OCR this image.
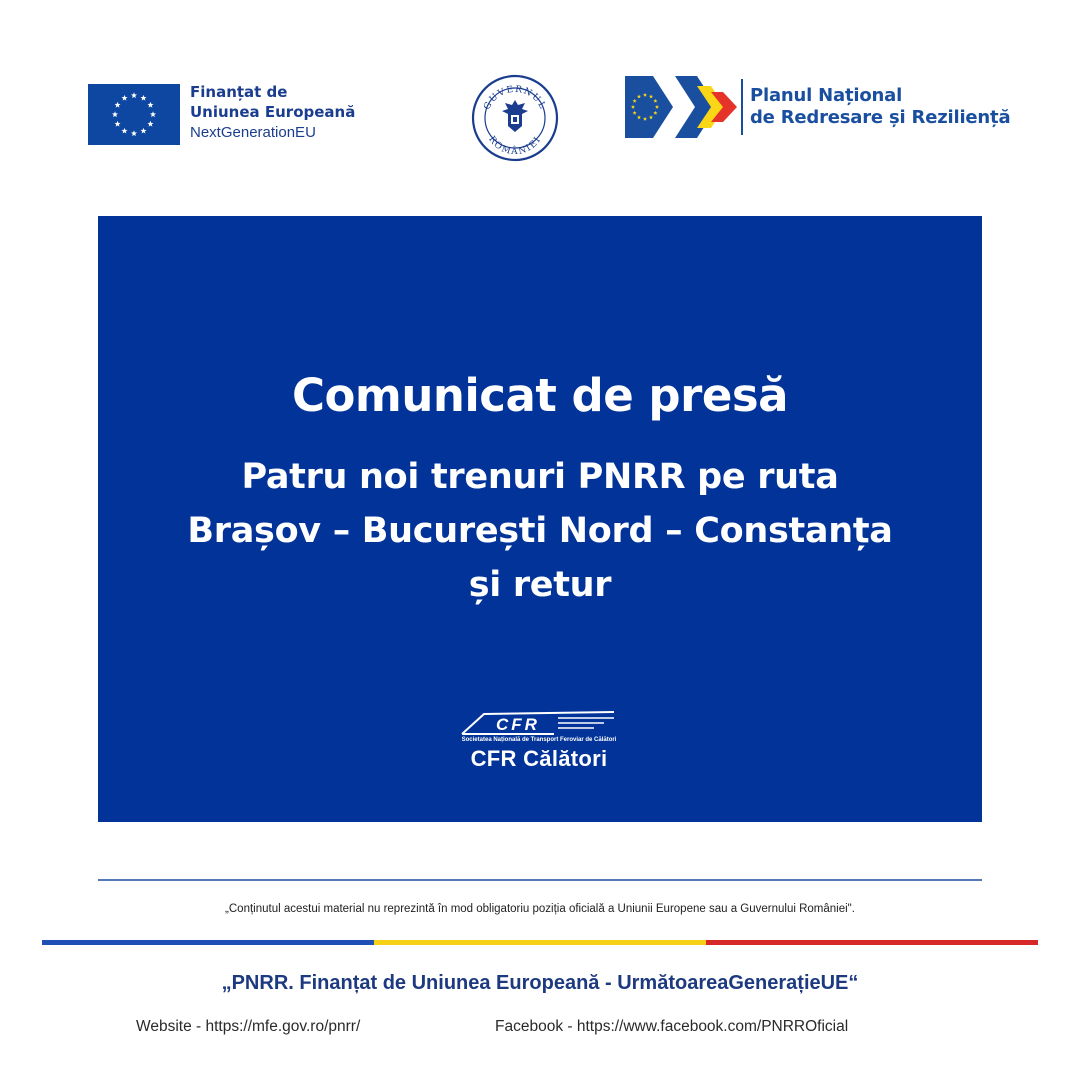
Finanțat de
Uniunea Europeană
NextGenerationEU
GUVERNUL
ROMÂNIEI
Planul Național
de Redresare și Reziliență
Comunicat de presă
Patru noi trenuri PNRR pe ruta
Brașov – București Nord – Constanța
și retur
CFR
Societatea Națională de Transport Feroviar de Călători
CFR Călători
„Conținutul acestui material nu reprezintă în mod obligatoriu poziția oficială a Uniunii Europene sau a Guvernului României".
„PNRR. Finanțat de Uniunea Europeană - UrmătoareaGenerațieUE“
Website - https://mfe.gov.ro/pnrr/	Facebook - https://www.facebook.com/PNRROficial
